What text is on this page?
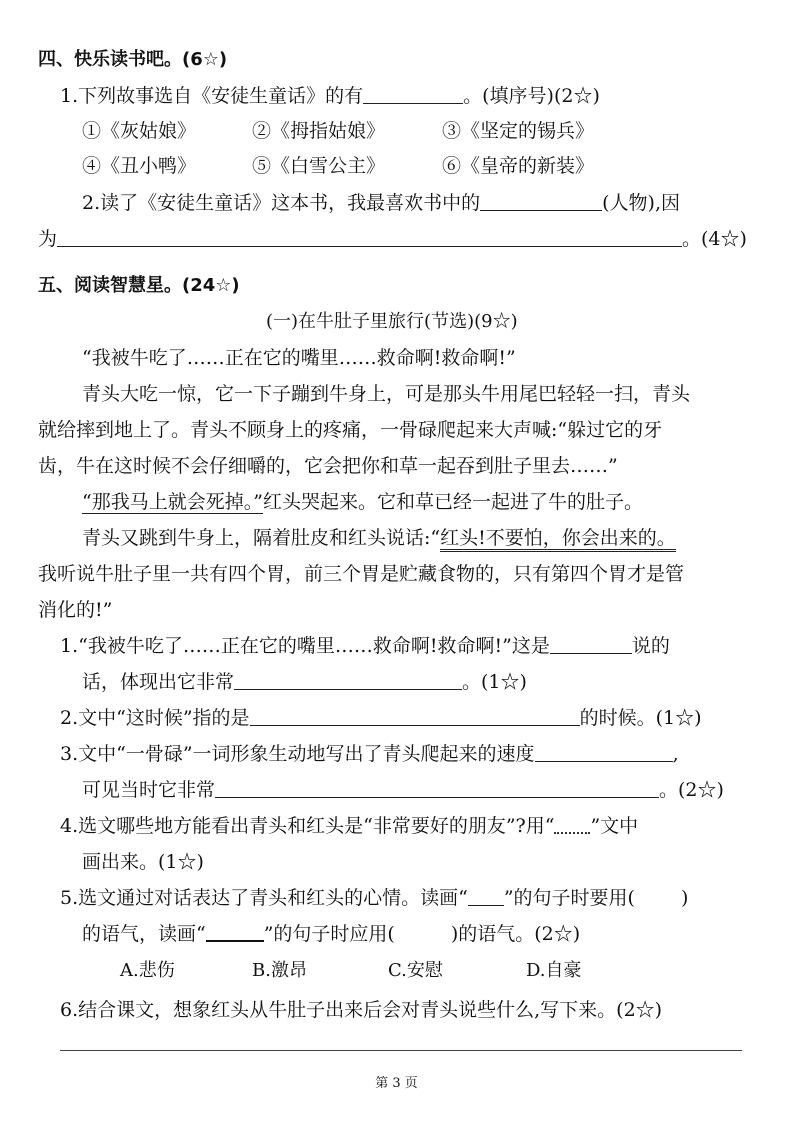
四、快乐读书吧。(6☆)
1.下列故事选自《安徒生童话》的有	。(填序号)(2☆)
①《灰姑娘》	②《拇指姑娘》	③《坚定的锡兵》
④《丑小鸭》	⑤《白雪公主》	⑥《皇帝的新装》
2.读了《安徒生童话》这本书，我最喜欢书中的	(人物),因
为	。(4☆)
五、阅读智慧星。(24☆)
(一)在牛肚子里旅行(节选)(9☆)
“我被牛吃了……正在它的嘴里……救命啊!救命啊!”
青头大吃一惊，它一下子蹦到牛身上，可是那头牛用尾巴轻轻一扫，青头
就给摔到地上了。青头不顾身上的疼痛，一骨碌爬起来大声喊:“躲过它的牙
齿，牛在这时候不会仔细嚼的，它会把你和草一起吞到肚子里去……”
“那我马上就会死掉。”红头哭起来。它和草已经一起进了牛的肚子。
青头又跳到牛身上，隔着肚皮和红头说话:“红头!不要怕，你会出来的。
我听说牛肚子里一共有四个胃，前三个胃是贮藏食物的，只有第四个胃才是管
消化的!”
1.“我被牛吃了……正在它的嘴里……救命啊!救命啊!”这是	说的
话，体现出它非常	。(1☆)
2.文中“这时候”指的是	的时候。(1☆)
3.文中“一骨碌”一词形象生动地写出了青头爬起来的速度	,
可见当时它非常	。(2☆)
4.选文哪些地方能看出青头和红头是“非常要好的朋友”?用“ ”文中
画出来。(1☆)
5.选文通过对话表达了青头和红头的心情。读画“ ”的句子时要用( )
的语气，读画“	”的句子时应用(	)的语气。(2☆)
A.悲伤	B.激昂	C.安慰	D.自豪
6.结合课文，想象红头从牛肚子出来后会对青头说些什么,写下来。(2☆)
第 3 页
